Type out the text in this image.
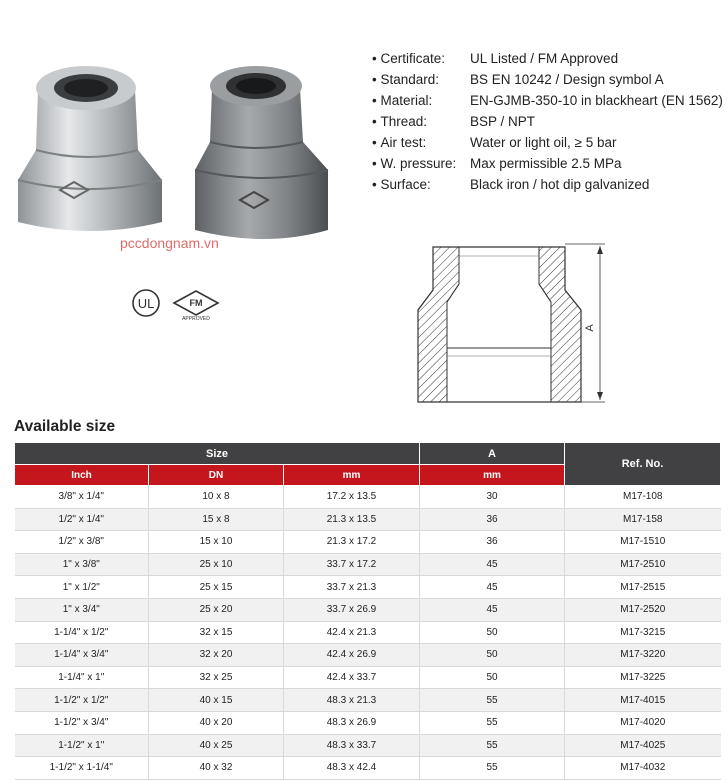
pccdongnam.vn
UL	FM
APPROVED
• Certificate:	UL Listed / FM Approved
• Standard:	BS EN 10242 / Design symbol A
• Material:	EN-GJMB-350-10 in blackheart (EN 1562)
• Thread:	BSP / NPT
• Air test:	Water or light oil, ≥ 5 bar
• W. pressure:	Max permissible 2.5 MPa
• Surface:	Black iron / hot dip galvanized
A
Available size
Size			A	Ref. No.
Inch	DN	mm	mm	
3/8" x 1/4"	10 x 8	17.2 x 13.5	30	M17-108
1/2" x 1/4"	15 x 8	21.3 x 13.5	36	M17-158
1/2" x 3/8"	15 x 10	21.3 x 17.2	36	M17-1510
1" x 3/8"	25 x 10	33.7 x 17.2	45	M17-2510
1" x 1/2"	25 x 15	33.7 x 21.3	45	M17-2515
1" x 3/4"	25 x 20	33.7 x 26.9	45	M17-2520
1-1/4" x 1/2"	32 x 15	42.4 x 21.3	50	M17-3215
1-1/4" x 3/4"	32 x 20	42.4 x 26.9	50	M17-3220
1-1/4" x 1"	32 x 25	42.4 x 33.7	50	M17-3225
1-1/2" x 1/2"	40 x 15	48.3 x 21.3	55	M17-4015
1-1/2" x 3/4"	40 x 20	48.3 x 26.9	55	M17-4020
1-1/2" x 1"	40 x 25	48.3 x 33.7	55	M17-4025
1-1/2" x 1-1/4"	40 x 32	48.3 x 42.4	55	M17-4032
